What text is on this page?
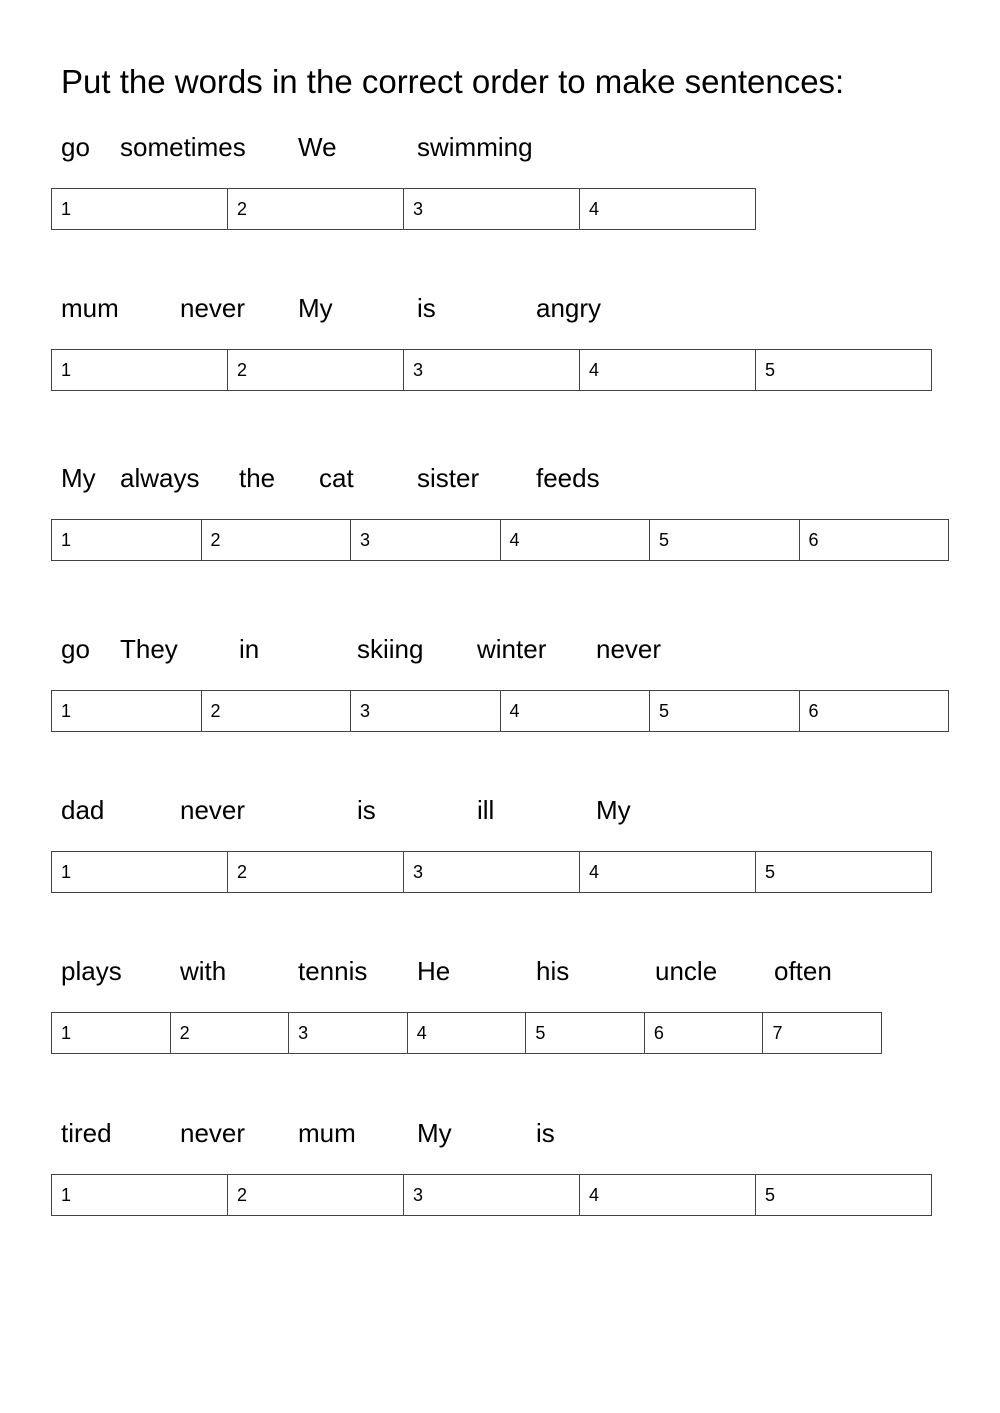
Put the words in the correct order to make sentences:
go sometimes We	swimming
1	2	3	4
mum never My	is	angry
1	2	3	4	5
My always the cat sister feeds
1	2	3	4	5	6
go They in	skiing winter never
1	2	3	4	5	6
dad	never	is	ill	My
1	2	3	4	5
plays with	tennis He	his	uncle often
1	2	3	4	5	6	7
tired	never mum My	is
1	2	3	4	5
